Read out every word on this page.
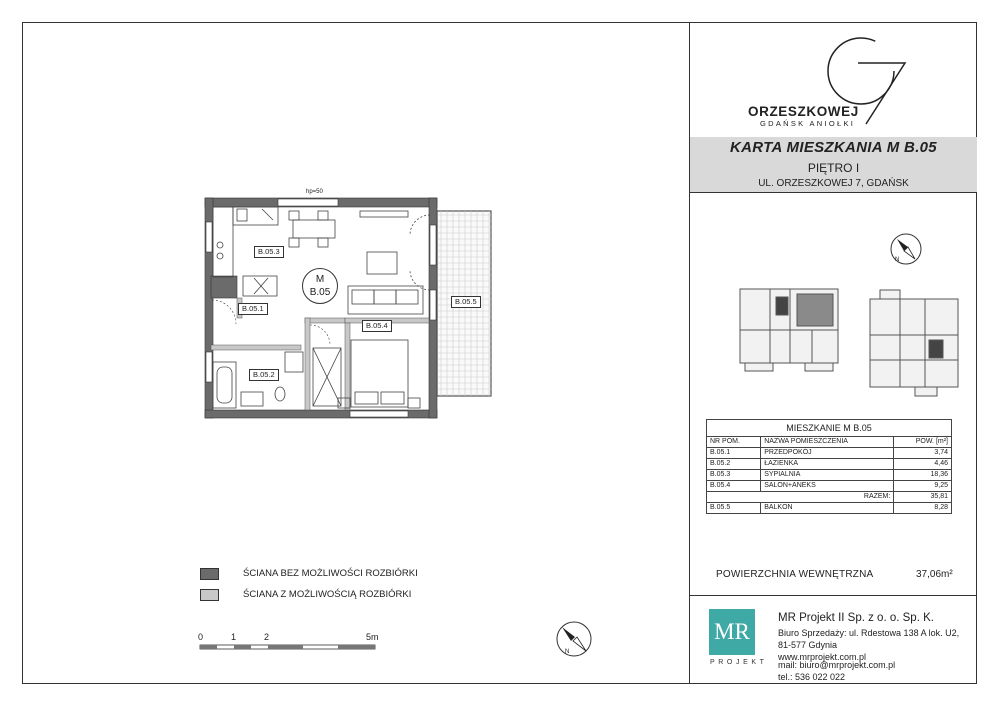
ORZESZKOWEJ
GDAŃSK ANIOŁKI
KARTA MIESZKANIA M B.05
PIĘTRO I
UL. ORZESZKOWEJ 7, GDAŃSK
N
N
M
B.05
hp=50
B.05.3
B.05.1
B.05.4
B.05.2
B.05.5
MIESZKANIE M B.05		
NR POM.	NAZWA POMIESZCZENIA	POW. [m²]
B.05.1	PRZEDPOKÓJ	3,74
B.05.2	ŁAZIENKA	4,46
B.05.3	SYPIALNIA	18,36
B.05.4	SALON+ANEKS	9,25
	RAZEM:	35,81
B.05.5	BALKON	8,28
POWIERZCHNIA WEWNĘTRZNA	37,06m²
ŚCIANA BEZ MOŻLIWOŚCI ROZBIÓRKI
ŚCIANA Z MOŻLIWOŚCIĄ ROZBIÓRKI
0	1	2	5m	MR
PROJEKT
MR Projekt II Sp. z o. o. Sp. K.
Biuro Sprzedaży: ul. Rdestowa 138 A lok. U2,
81-577 Gdynia
www.mrprojekt.com.pl
mail: biuro@mrprojekt.com.pl
tel.: 536 022 022
